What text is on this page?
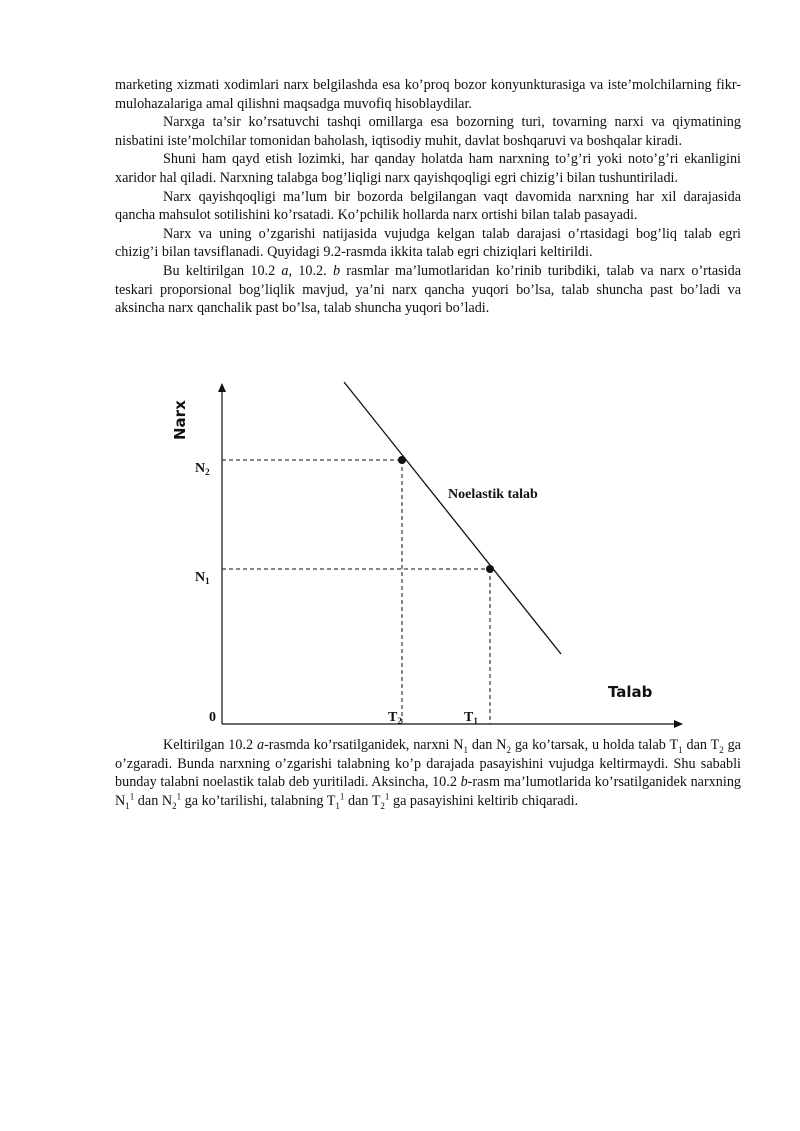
marketing xizmati xodimlari narx belgilashda esa ko’proq bozor konyunkturasiga va iste’molchilarning fikr-mulohazalariga amal qilishni maqsadga muvofiq hisoblaydilar.

Narxga ta’sir ko’rsatuvchi tashqi omillarga esa bozorning turi, tovarning narxi va qiymatining nisbatini iste’molchilar tomonidan baholash, iqtisodiy muhit, davlat boshqaruvi va boshqalar kiradi.

Shuni ham qayd etish lozimki, har qanday holatda ham narxning to’g’ri yoki noto’g’ri ekanligini xaridor hal qiladi. Narxning talabga bog’liqligi narx qayishqoqligi egri chizig’i bilan tushuntiriladi.

Narx qayishqoqligi ma’lum bir bozorda belgilangan vaqt davomida narxning har xil darajasida qancha mahsulot sotilishini ko’rsatadi. Ko’pchilik hollarda narx ortishi bilan talab pasayadi.

Narx va uning o’zgarishi natijasida vujudga kelgan talab darajasi o’rtasidagi bog’liq talab egri chizig’i bilan tavsiflanadi. Quyidagi 9.2-rasmda ikkita talab egri chiziqlari keltirildi.

Bu keltirilgan 10.2 a, 10.2. b rasmlar ma’lumotlaridan ko’rinib turibdiki, talab va narx o’rtasida teskari proporsional bog’liqlik mavjud, ya’ni narx qancha yuqori bo’lsa, talab shuncha past bo’ladi va aksincha narx qanchalik past bo’lsa, talab shuncha yuqori bo’ladi.

Narx
Talab
0
$N_2$
$N_1$
$T_2$	$T_1$
Noelastik talab

Keltirilgan 10.2 a-rasmda ko’rsatilganidek, narxni $N_1$ dan $N_2$ ga ko’tarsak, u holda talab $T_1$ dan $T_2$ ga o’zgaradi. Bunda narxning o’zgarishi talabning ko’p darajada pasayishini vujudga keltirmaydi. Shu sababli bunday talabni noelastik talab deb yuritiladi. Aksincha, 10.2 b-rasm ma’lumotlarida ko’rsatilganidek narxning $N_1^1$ dan $N_2^1$ ga ko’tarilishi, talabning $T_1^1$ dan $T_2^1$ ga pasayishini keltirib chiqaradi.
